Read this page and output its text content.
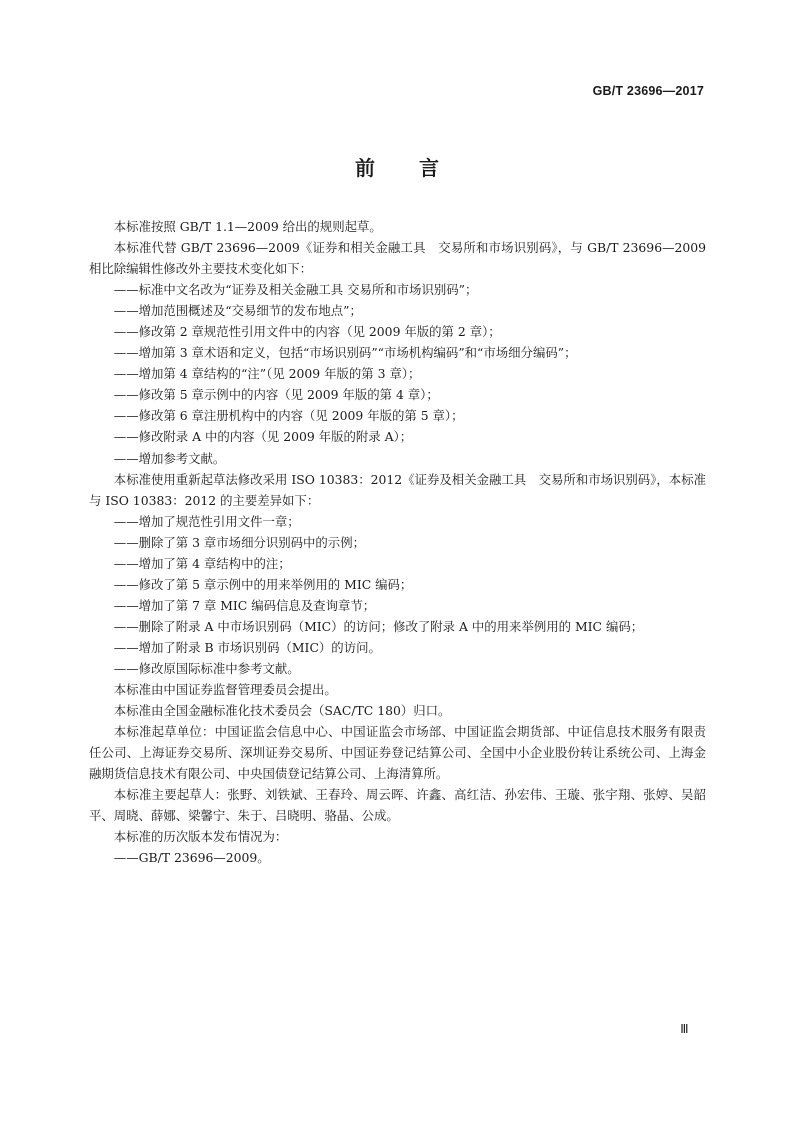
GB/T 23696—2017
前言

本标准按照 GB/T 1.1—2009 给出的规则起草。

本标准代替 GB/T 23696—2009《证券和相关金融工具　交易所和市场识别码》，与 GB/T 23696—2009 相比除编辑性修改外主要技术变化如下：

——标准中文名改为“证券及相关金融工具 交易所和市场识别码”；

——增加范围概述及“交易细节的发布地点”；

——修改第 2 章规范性引用文件中的内容（见 2009 年版的第 2 章）；

——增加第 3 章术语和定义，包括“市场识别码”“市场机构编码”和“市场细分编码”；

——增加第 4 章结构的“注”（见 2009 年版的第 3 章）；

——修改第 5 章示例中的内容（见 2009 年版的第 4 章）；

——修改第 6 章注册机构中的内容（见 2009 年版的第 5 章）；

——修改附录 A 中的内容（见 2009 年版的附录 A）；

——增加参考文献。

本标准使用重新起草法修改采用 ISO 10383：2012《证券及相关金融工具　交易所和市场识别码》，本标准与 ISO 10383：2012 的主要差异如下：

——增加了规范性引用文件一章；

——删除了第 3 章市场细分识别码中的示例；

——增加了第 4 章结构中的注；

——修改了第 5 章示例中的用来举例用的 MIC 编码；

——增加了第 7 章 MIC 编码信息及查询章节；

——删除了附录 A 中市场识别码（MIC）的访问；修改了附录 A 中的用来举例用的 MIC 编码；

——增加了附录 B 市场识别码（MIC）的访问。

——修改原国际标准中参考文献。

本标准由中国证券监督管理委员会提出。

本标准由全国金融标准化技术委员会（SAC/TC 180）归口。

本标准起草单位：中国证监会信息中心、中国证监会市场部、中国证监会期货部、中证信息技术服务有限责任公司、上海证券交易所、深圳证券交易所、中国证券登记结算公司、全国中小企业股份转让系统公司、上海金融期货信息技术有限公司、中央国债登记结算公司、上海清算所。

本标准主要起草人：张野、刘铁斌、王春玲、周云晖、许鑫、高红洁、孙宏伟、王璇、张宇翔、张婷、吴韶平、周晓、薛娜、梁馨宁、朱于、吕晓明、骆晶、公成。

本标准的历次版本发布情况为：

——GB/T 23696—2009。

Ⅲ
